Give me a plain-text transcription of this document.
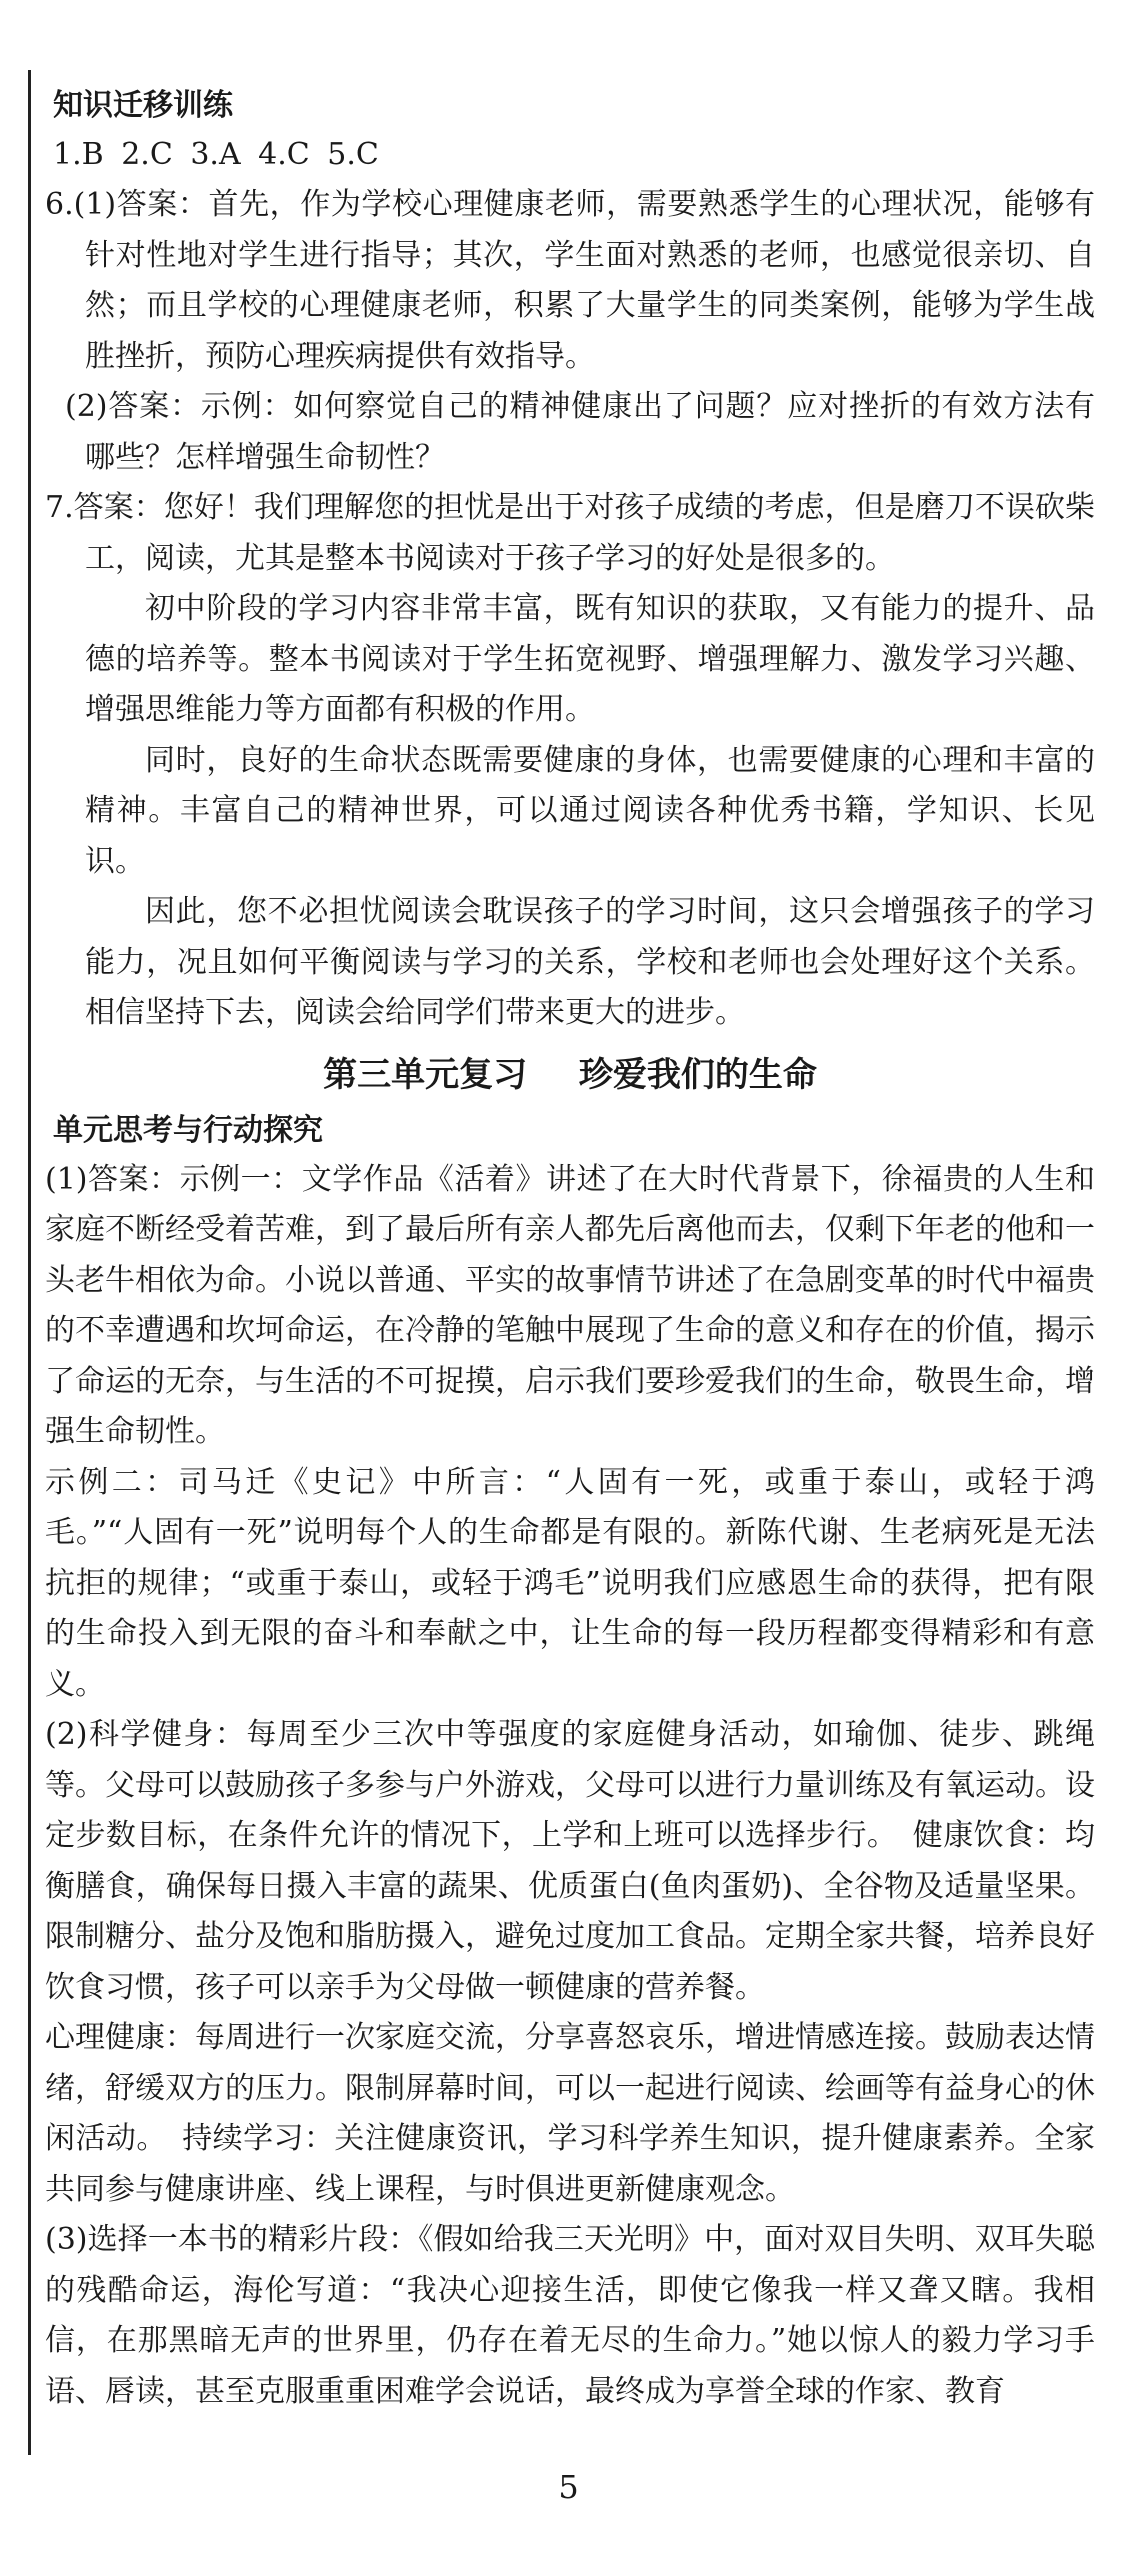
知识迁移训练

1.B 2.C 3.A 4.C 5.C

6.(1)答案：首先，作为学校心理健康老师，需要熟悉学生的心理状况，能够有针对性地对学生进行指导；其次，学生面对熟悉的老师，也感觉很亲切、自然；而且学校的心理健康老师，积累了大量学生的同类案例，能够为学生战胜挫折，预防心理疾病提供有效指导。

(2)答案：示例：如何察觉自己的精神健康出了问题？应对挫折的有效方法有哪些？怎样增强生命韧性？

7.答案：您好！我们理解您的担忧是出于对孩子成绩的考虑，但是磨刀不误砍柴工，阅读，尤其是整本书阅读对于孩子学习的好处是很多的。

初中阶段的学习内容非常丰富，既有知识的获取，又有能力的提升、品德的培养等。整本书阅读对于学生拓宽视野、增强理解力、激发学习兴趣、增强思维能力等方面都有积极的作用。

同时，良好的生命状态既需要健康的身体，也需要健康的心理和丰富的精神。丰富自己的精神世界，可以通过阅读各种优秀书籍，学知识、长见识。

因此，您不必担忧阅读会耽误孩子的学习时间，这只会增强孩子的学习能力，况且如何平衡阅读与学习的关系，学校和老师也会处理好这个关系。相信坚持下去，阅读会给同学们带来更大的进步。

第三单元复习 珍爱我们的生命
单元思考与行动探究

(1)答案：示例一：文学作品《活着》讲述了在大时代背景下，徐福贵的人生和家庭不断经受着苦难，到了最后所有亲人都先后离他而去，仅剩下年老的他和一头老牛相依为命。小说以普通、平实的故事情节讲述了在急剧变革的时代中福贵的不幸遭遇和坎坷命运，在冷静的笔触中展现了生命的意义和存在的价值，揭示了命运的无奈，与生活的不可捉摸，启示我们要珍爱我们的生命，敬畏生命，增强生命韧性。

示例二：司马迁《史记》中所言：“人固有一死，或重于泰山，或轻于鸿毛。”“人固有一死”说明每个人的生命都是有限的。新陈代谢、生老病死是无法抗拒的规律；“或重于泰山，或轻于鸿毛”说明我们应感恩生命的获得，把有限的生命投入到无限的奋斗和奉献之中，让生命的每一段历程都变得精彩和有意义。

(2)科学健身：每周至少三次中等强度的家庭健身活动，如瑜伽、徒步、跳绳等。父母可以鼓励孩子多参与户外游戏，父母可以进行力量训练及有氧运动。设定步数目标，在条件允许的情况下，上学和上班可以选择步行。　健康饮食：均衡膳食，确保每日摄入丰富的蔬果、优质蛋白(鱼肉蛋奶)、全谷物及适量坚果。限制糖分、盐分及饱和脂肪摄入，避免过度加工食品。定期全家共餐，培养良好饮食习惯，孩子可以亲手为父母做一顿健康的营养餐。

心理健康：每周进行一次家庭交流，分享喜怒哀乐，增进情感连接。鼓励表达情绪，舒缓双方的压力。限制屏幕时间，可以一起进行阅读、绘画等有益身心的休闲活动。　持续学习：关注健康资讯，学习科学养生知识，提升健康素养。全家共同参与健康讲座、线上课程，与时俱进更新健康观念。

(3)选择一本书的精彩片段：《假如给我三天光明》中，面对双目失明、双耳失聪的残酷命运，海伦写道：“我决心迎接生活，即使它像我一样又聋又瞎。我相信，在那黑暗无声的世界里，仍存在着无尽的生命力。”她以惊人的毅力学习手语、唇读，甚至克服重重困难学会说话，最终成为享誉全球的作家、教育

5
